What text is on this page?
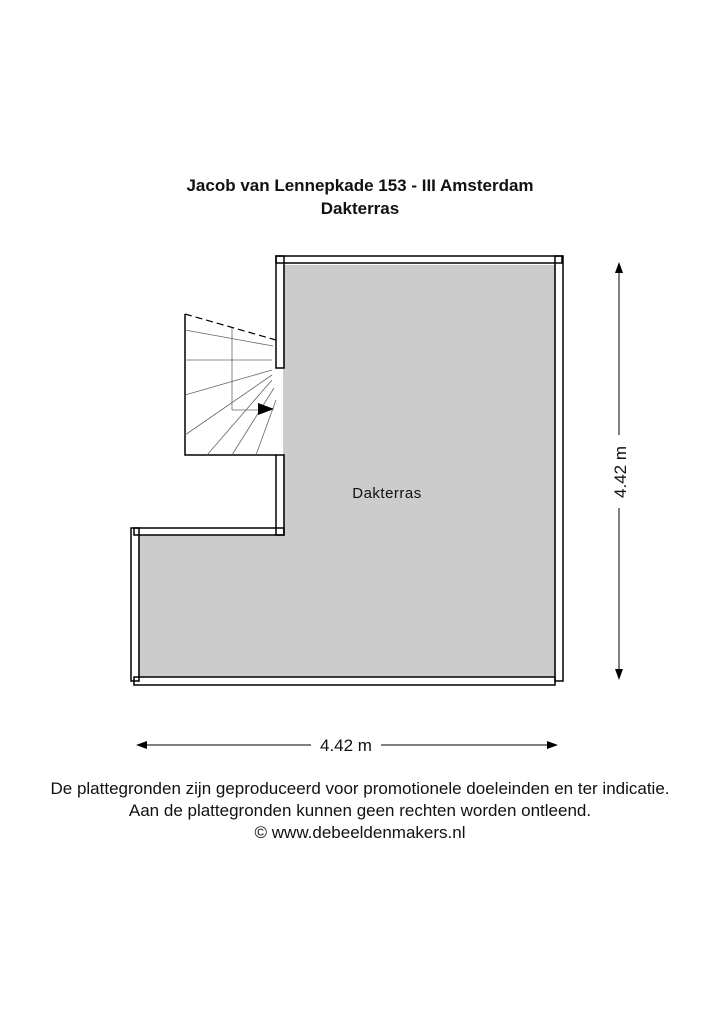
Jacob van Lennepkade 153 - III Amsterdam
Dakterras
Dakterras	4.42 m
4.42 m
De plattegronden zijn geproduceerd voor promotionele doeleinden en ter indicatie.
Aan de plattegronden kunnen geen rechten worden ontleend.
© www.debeeldenmakers.nl
